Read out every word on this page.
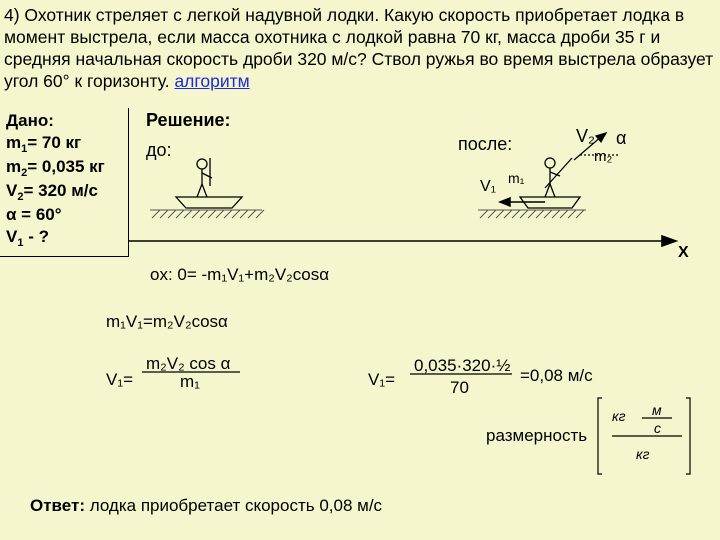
4) Охотник стреляет с легкой надувной лодки. Какую скорость приобретает лодка в момент выстрела, если масса охотника с лодкой равна 70 кг, масса дроби 35 г и средняя начальная скорость дроби 320 м/с? Ствол ружья во время выстрела образует угол 60° к горизонту. алгоритм
Дано:
$m_1= 70$ кг
$m_2= 0,035$ кг
$V_2= 320$ м/с
α = 60°
$V_1$ - ?
Решение:
до:	после:
m₁
V₁
V₂ α
m₂
X
ox: 0= -m₁V₁+m₂V₂cosα
m₁V₁=m₂V₂cosα
V₁=
m₂V₂ cos α
m₁	V₁=
0,035·320·½
70
=0,08 м/с
размерность
кг м
с
кг
Ответ: лодка приобретает скорость 0,08 м/с
